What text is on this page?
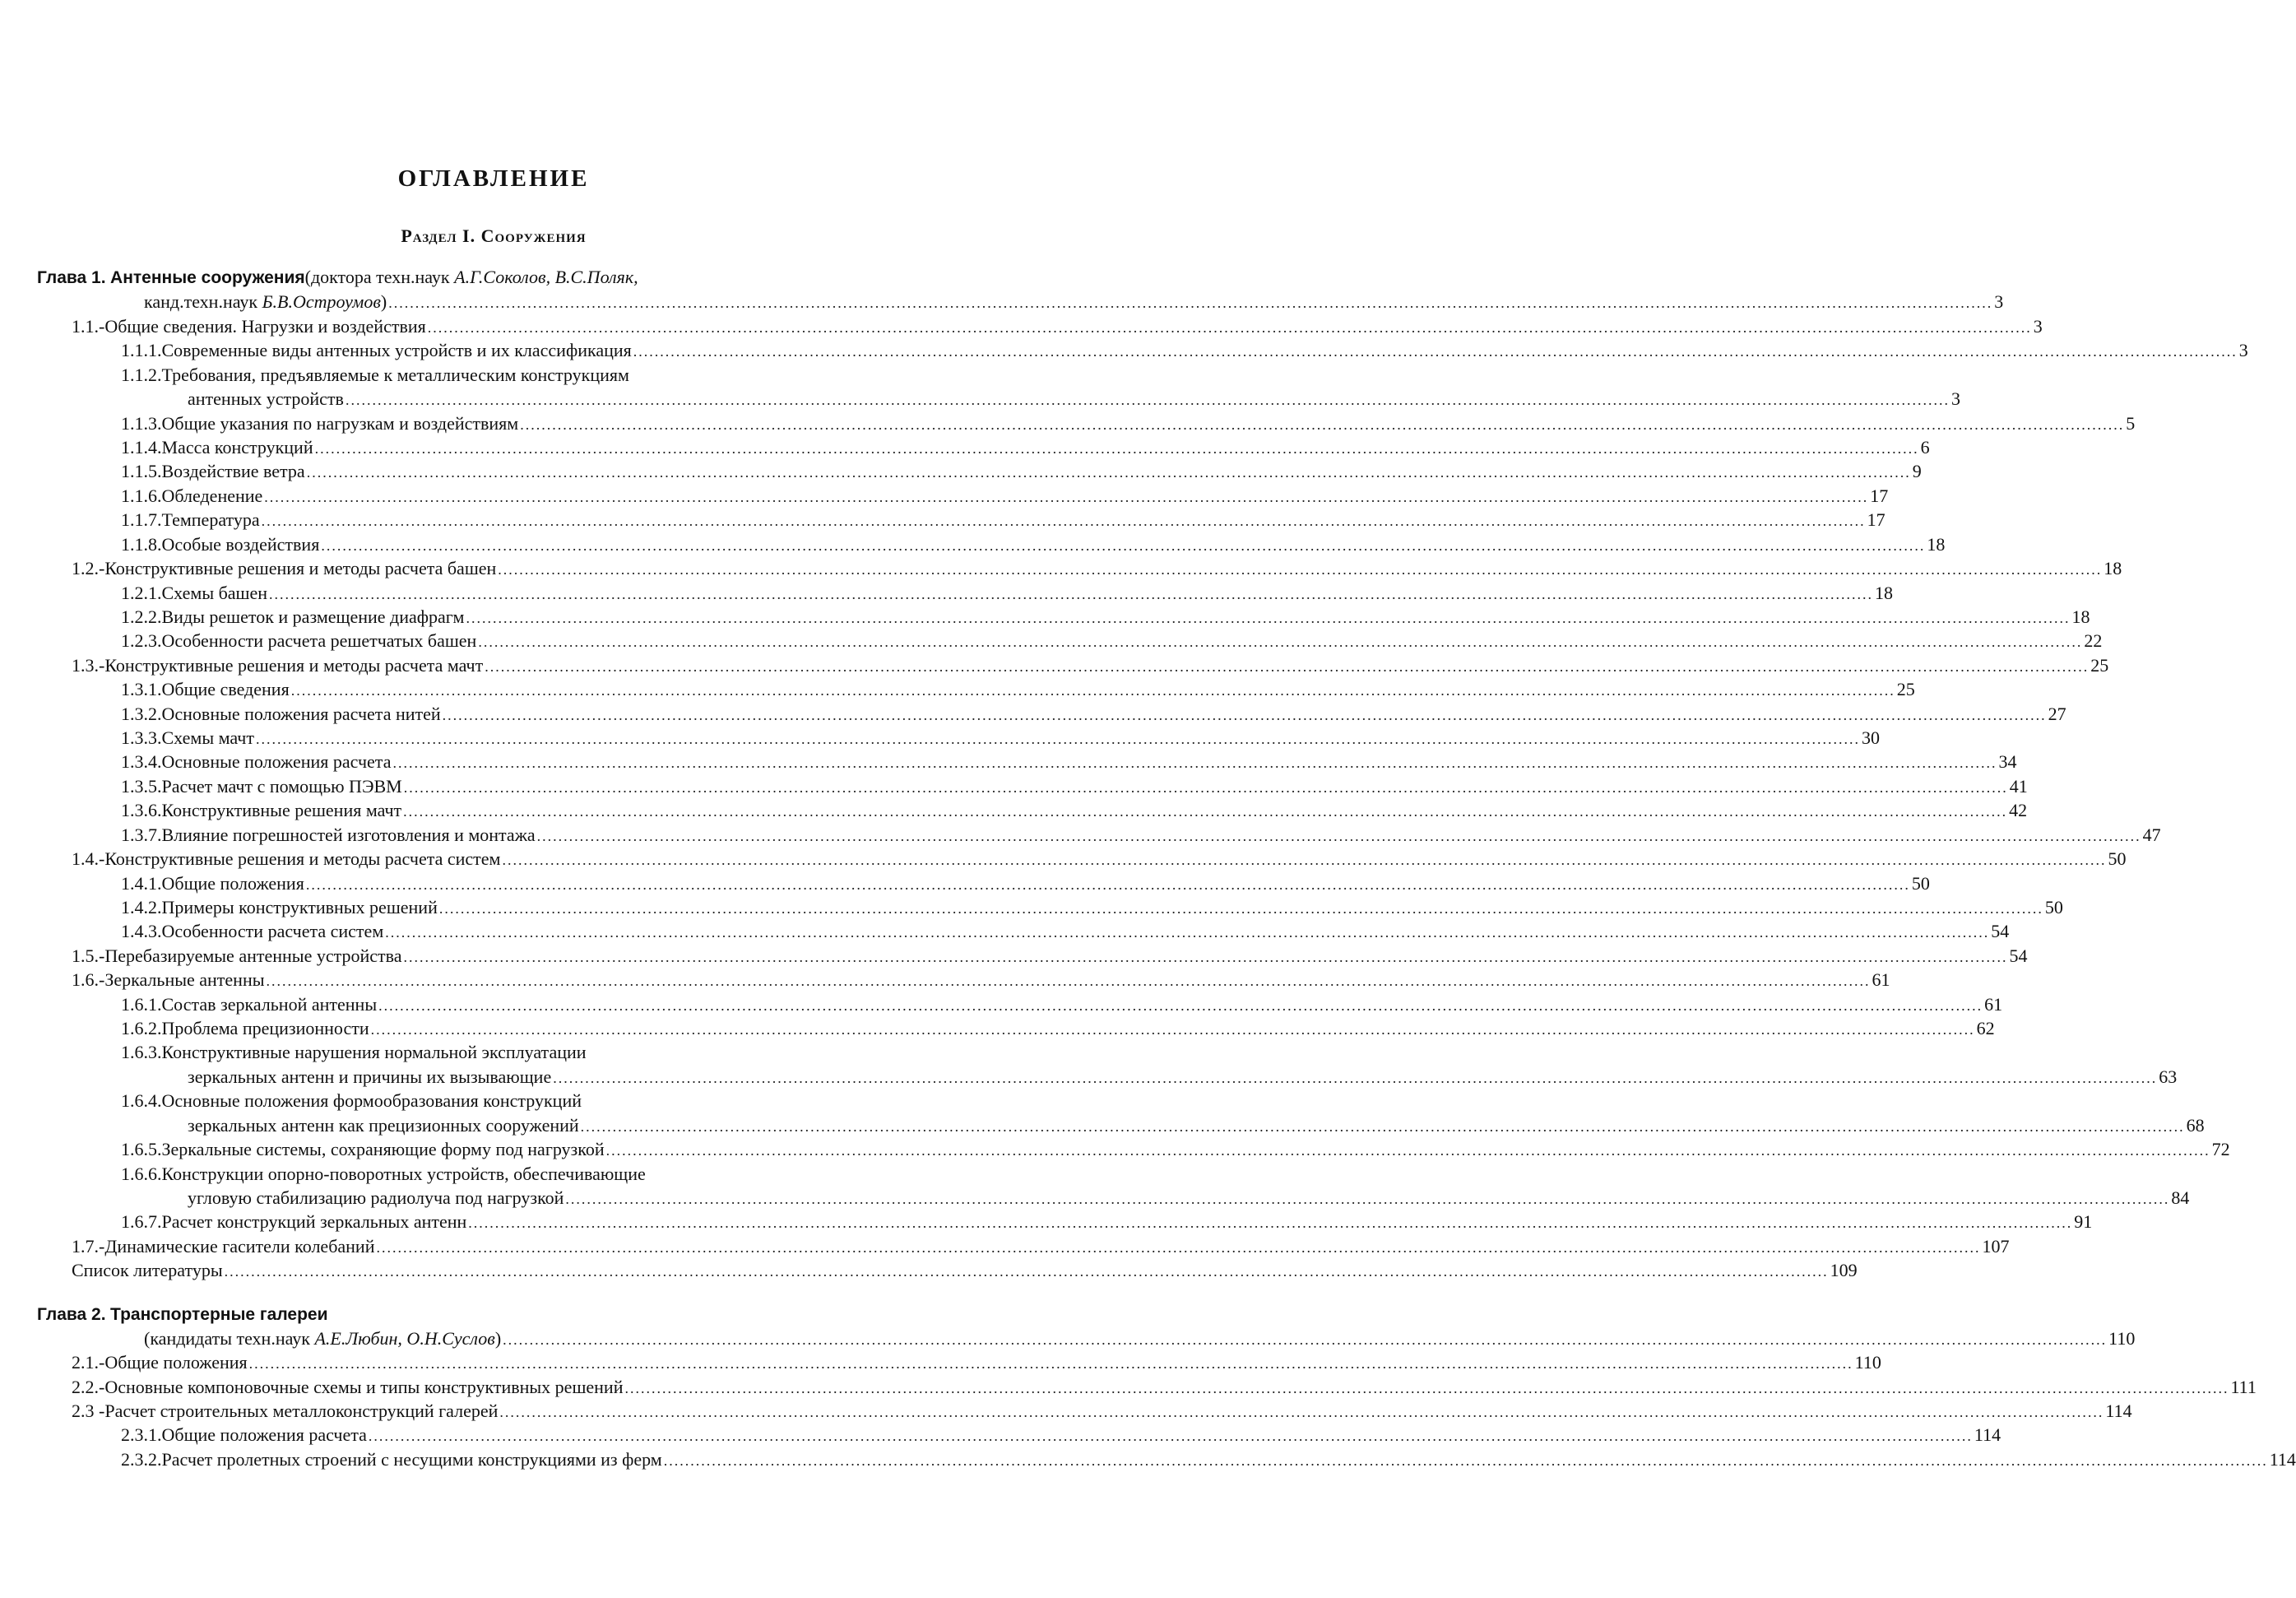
ОГЛАВЛЕНИЕ
Раздел I. Сооружения
Глава 1.
Антенные сооружения (доктора техн.наук А.Г.Соколов, В.С.Поляк,
канд.техн.наук Б.В.Остроумов) ............................................................................................................................................................................................................................................................................................................ 3
1.1.- Общие сведения. Нагрузки и воздействия ............................................................................................................................................................................................................................................................................................................ 3
1.1.1. Современные виды антенных устройств и их классификация ............................................................................................................................................................................................................................................................................................................ 3
1.1.2. Требования, предъявляемые к металлическим конструкциям
антенных устройств ............................................................................................................................................................................................................................................................................................................ 3
1.1.3. Общие указания по нагрузкам и воздействиям ............................................................................................................................................................................................................................................................................................................ 5
1.1.4. Масса конструкций ............................................................................................................................................................................................................................................................................................................ 6
1.1.5. Воздействие ветра ............................................................................................................................................................................................................................................................................................................ 9
1.1.6. Обледенение ............................................................................................................................................................................................................................................................................................................ 17
1.1.7. Температура ............................................................................................................................................................................................................................................................................................................ 17
1.1.8. Особые воздействия ............................................................................................................................................................................................................................................................................................................ 18
1.2.- Конструктивные решения и методы расчета башен ............................................................................................................................................................................................................................................................................................................ 18
1.2.1. Схемы башен ............................................................................................................................................................................................................................................................................................................ 18
1.2.2. Виды решеток и размещение диафрагм ............................................................................................................................................................................................................................................................................................................ 18
1.2.3. Особенности расчета решетчатых башен ............................................................................................................................................................................................................................................................................................................ 22
1.3.- Конструктивные решения и методы расчета мачт ............................................................................................................................................................................................................................................................................................................ 25
1.3.1. Общие сведения ............................................................................................................................................................................................................................................................................................................ 25
1.3.2. Основные положения расчета нитей ............................................................................................................................................................................................................................................................................................................ 27
1.3.3. Схемы мачт ............................................................................................................................................................................................................................................................................................................ 30
1.3.4. Основные положения расчета ............................................................................................................................................................................................................................................................................................................ 34
1.3.5. Расчет мачт с помощью ПЭВМ ............................................................................................................................................................................................................................................................................................................ 41
1.3.6. Конструктивные решения мачт ............................................................................................................................................................................................................................................................................................................ 42
1.3.7. Влияние погрешностей изготовления и монтажа ............................................................................................................................................................................................................................................................................................................ 47
1.4.- Конструктивные решения и методы расчета систем ............................................................................................................................................................................................................................................................................................................ 50
1.4.1. Общие положения ............................................................................................................................................................................................................................................................................................................ 50
1.4.2. Примеры конструктивных решений ............................................................................................................................................................................................................................................................................................................ 50
1.4.3. Особенности расчета систем ............................................................................................................................................................................................................................................................................................................ 54
1.5.- Перебазируемые антенные устройства ............................................................................................................................................................................................................................................................................................................ 54
1.6.- Зеркальные антенны ............................................................................................................................................................................................................................................................................................................ 61
1.6.1. Состав зеркальной антенны ............................................................................................................................................................................................................................................................................................................ 61
1.6.2. Проблема прецизионности ............................................................................................................................................................................................................................................................................................................ 62
1.6.3. Конструктивные нарушения нормальной эксплуатации
зеркальных антенн и причины их вызывающие ............................................................................................................................................................................................................................................................................................................ 63
1.6.4. Основные положения формообразования конструкций
зеркальных антенн как прецизионных сооружений ............................................................................................................................................................................................................................................................................................................ 68
1.6.5. Зеркальные системы, сохраняющие форму под нагрузкой ............................................................................................................................................................................................................................................................................................................ 72
1.6.6. Конструкции опорно-поворотных устройств, обеспечивающие
угловую стабилизацию радиолуча под нагрузкой ............................................................................................................................................................................................................................................................................................................ 84
1.6.7. Расчет конструкций зеркальных антенн ............................................................................................................................................................................................................................................................................................................ 91
1.7.- Динамические гасители колебаний ............................................................................................................................................................................................................................................................................................................ 107
Список литературы ............................................................................................................................................................................................................................................................................................................ 109
Глава 2.
Транспортерные галереи
(кандидаты техн.наук А.Е.Любин, О.Н.Суслов) ............................................................................................................................................................................................................................................................................................................ 110
2.1.- Общие положения ............................................................................................................................................................................................................................................................................................................ 110
2.2.- Основные компоновочные схемы и типы конструктивных решений ............................................................................................................................................................................................................................................................................................................ 111
2.3 - Расчет строительных металлоконструкций галерей ............................................................................................................................................................................................................................................................................................................ 114
2.3.1. Общие положения расчета ............................................................................................................................................................................................................................................................................................................ 114
2.3.2. Расчет пролетных строений с несущими конструкциями из ферм ............................................................................................................................................................................................................................................................................................................ 114
